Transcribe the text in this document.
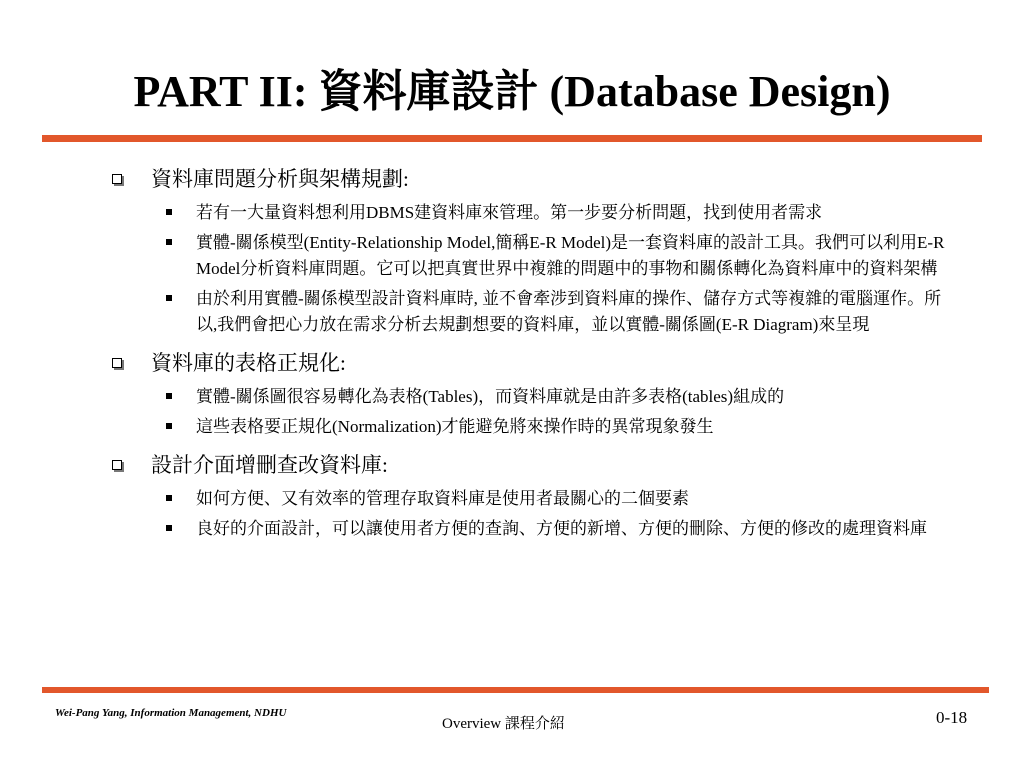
PART II: 資料庫設計 (Database Design)
資料庫問題分析與架構規劃:
若有一大量資料想利用DBMS建資料庫來管理。第一步要分析問題，找到使用者需求
實體-關係模型(Entity-Relationship Model,簡稱E-R Model)是一套資料庫的設計工具。我們可以利用E-R Model分析資料庫問題。它可以把真實世界中複雜的問題中的事物和關係轉化為資料庫中的資料架構
由於利用實體-關係模型設計資料庫時, 並不會牽涉到資料庫的操作、儲存方式等複雜的電腦運作。所以,我們會把心力放在需求分析去規劃想要的資料庫，並以實體-關係圖(E-R Diagram)來呈現
資料庫的表格正規化:
實體-關係圖很容易轉化為表格(Tables)，而資料庫就是由許多表格(tables)組成的
這些表格要正規化(Normalization)才能避免將來操作時的異常現象發生
設計介面增刪查改資料庫:
如何方便、又有效率的管理存取資料庫是使用者最關心的二個要素
良好的介面設計，可以讓使用者方便的查詢、方便的新增、方便的刪除、方便的修改的處理資料庫
Wei-Pang Yang, Information Management, NDHU
Overview 課程介紹	0-18
